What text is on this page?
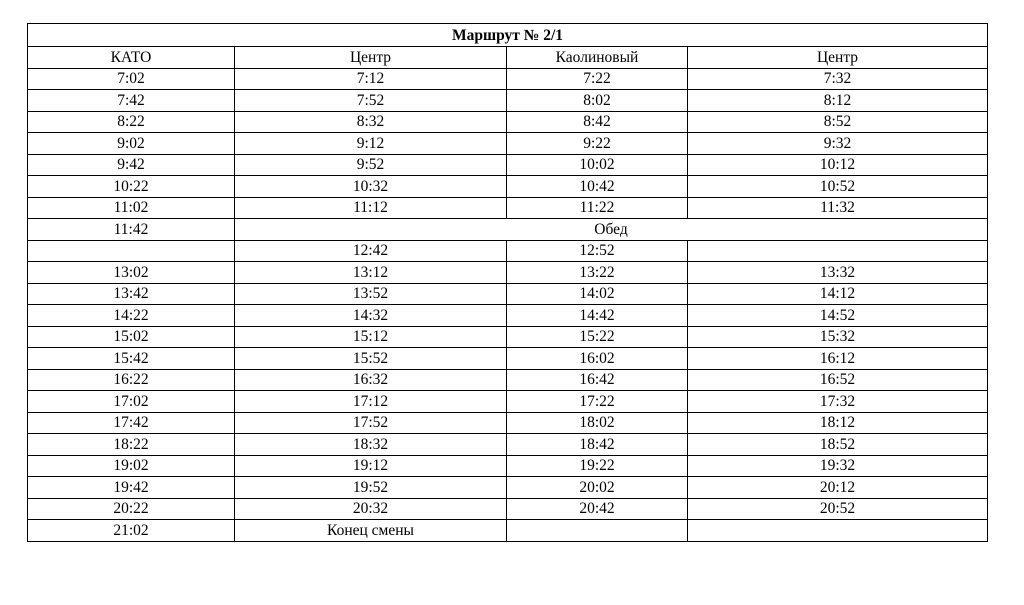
Маршрут № 2/1			
КАТО	Центр	Каолиновый	Центр
7:02	7:12	7:22	7:32
7:42	7:52	8:02	8:12
8:22	8:32	8:42	8:52
9:02	9:12	9:22	9:32
9:42	9:52	10:02	10:12
10:22	10:32	10:42	10:52
11:02	11:12	11:22	11:32
11:42	Обед		
	12:42	12:52	
13:02	13:12	13:22	13:32
13:42	13:52	14:02	14:12
14:22	14:32	14:42	14:52
15:02	15:12	15:22	15:32
15:42	15:52	16:02	16:12
16:22	16:32	16:42	16:52
17:02	17:12	17:22	17:32
17:42	17:52	18:02	18:12
18:22	18:32	18:42	18:52
19:02	19:12	19:22	19:32
19:42	19:52	20:02	20:12
20:22	20:32	20:42	20:52
21:02	Конец смены		
